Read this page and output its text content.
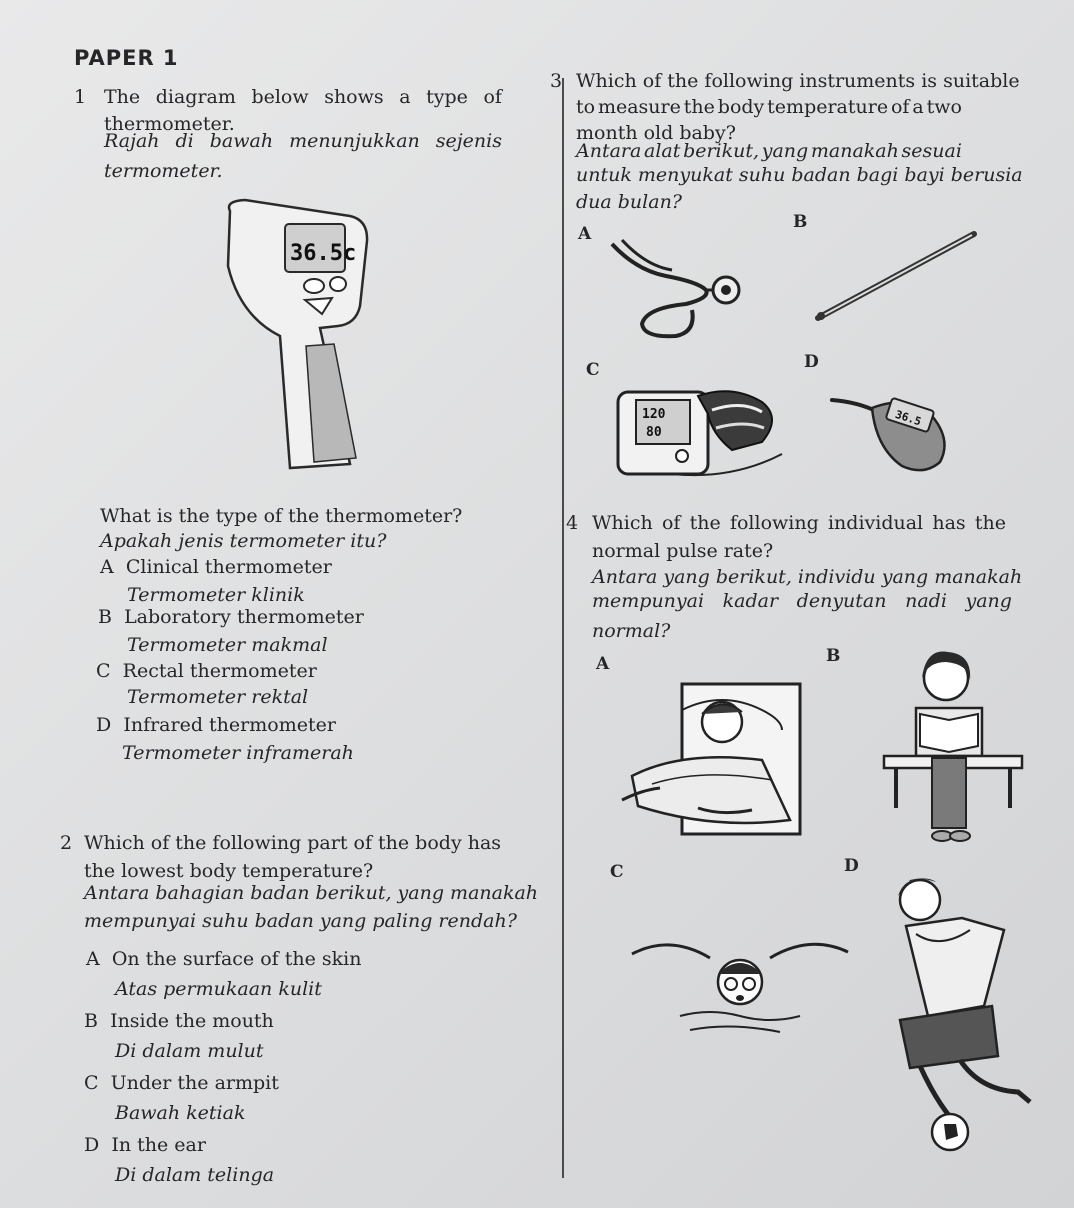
PAPER 1
1 The diagram below shows a type of
thermometer.
Rajah di bawah menunjukkan sejenis
termometer.
36.5c
What is the type of the thermometer?
Apakah jenis termometer itu?
A Clinical thermometer
Termometer klinik
B Laboratory thermometer
Termometer makmal
C Rectal thermometer
Termometer rektal
D Infrared thermometer
Termometer inframerah
2 Which of the following part of the body has
the lowest body temperature?
Antara bahagian badan berikut, yang manakah
mempunyai suhu badan yang paling rendah?
A On the surface of the skin
Atas permukaan kulit
B Inside the mouth
Di dalam mulut
C Under the armpit
Bawah ketiak
D In the ear
Di dalam telinga
3 Which of the following instruments is suitable
to measure the body temperature of a two
month old baby?
Antara alat berikut, yang manakah sesuai
untuk menyukat suhu badan bagi bayi berusia
dua bulan?
A
B
C	D
120
80
36.5
4 Which of the following individual has the
normal pulse rate?
Antara yang berikut, individu yang manakah
mempunyai kadar denyutan nadi yang
normal?
A	B
C	D
